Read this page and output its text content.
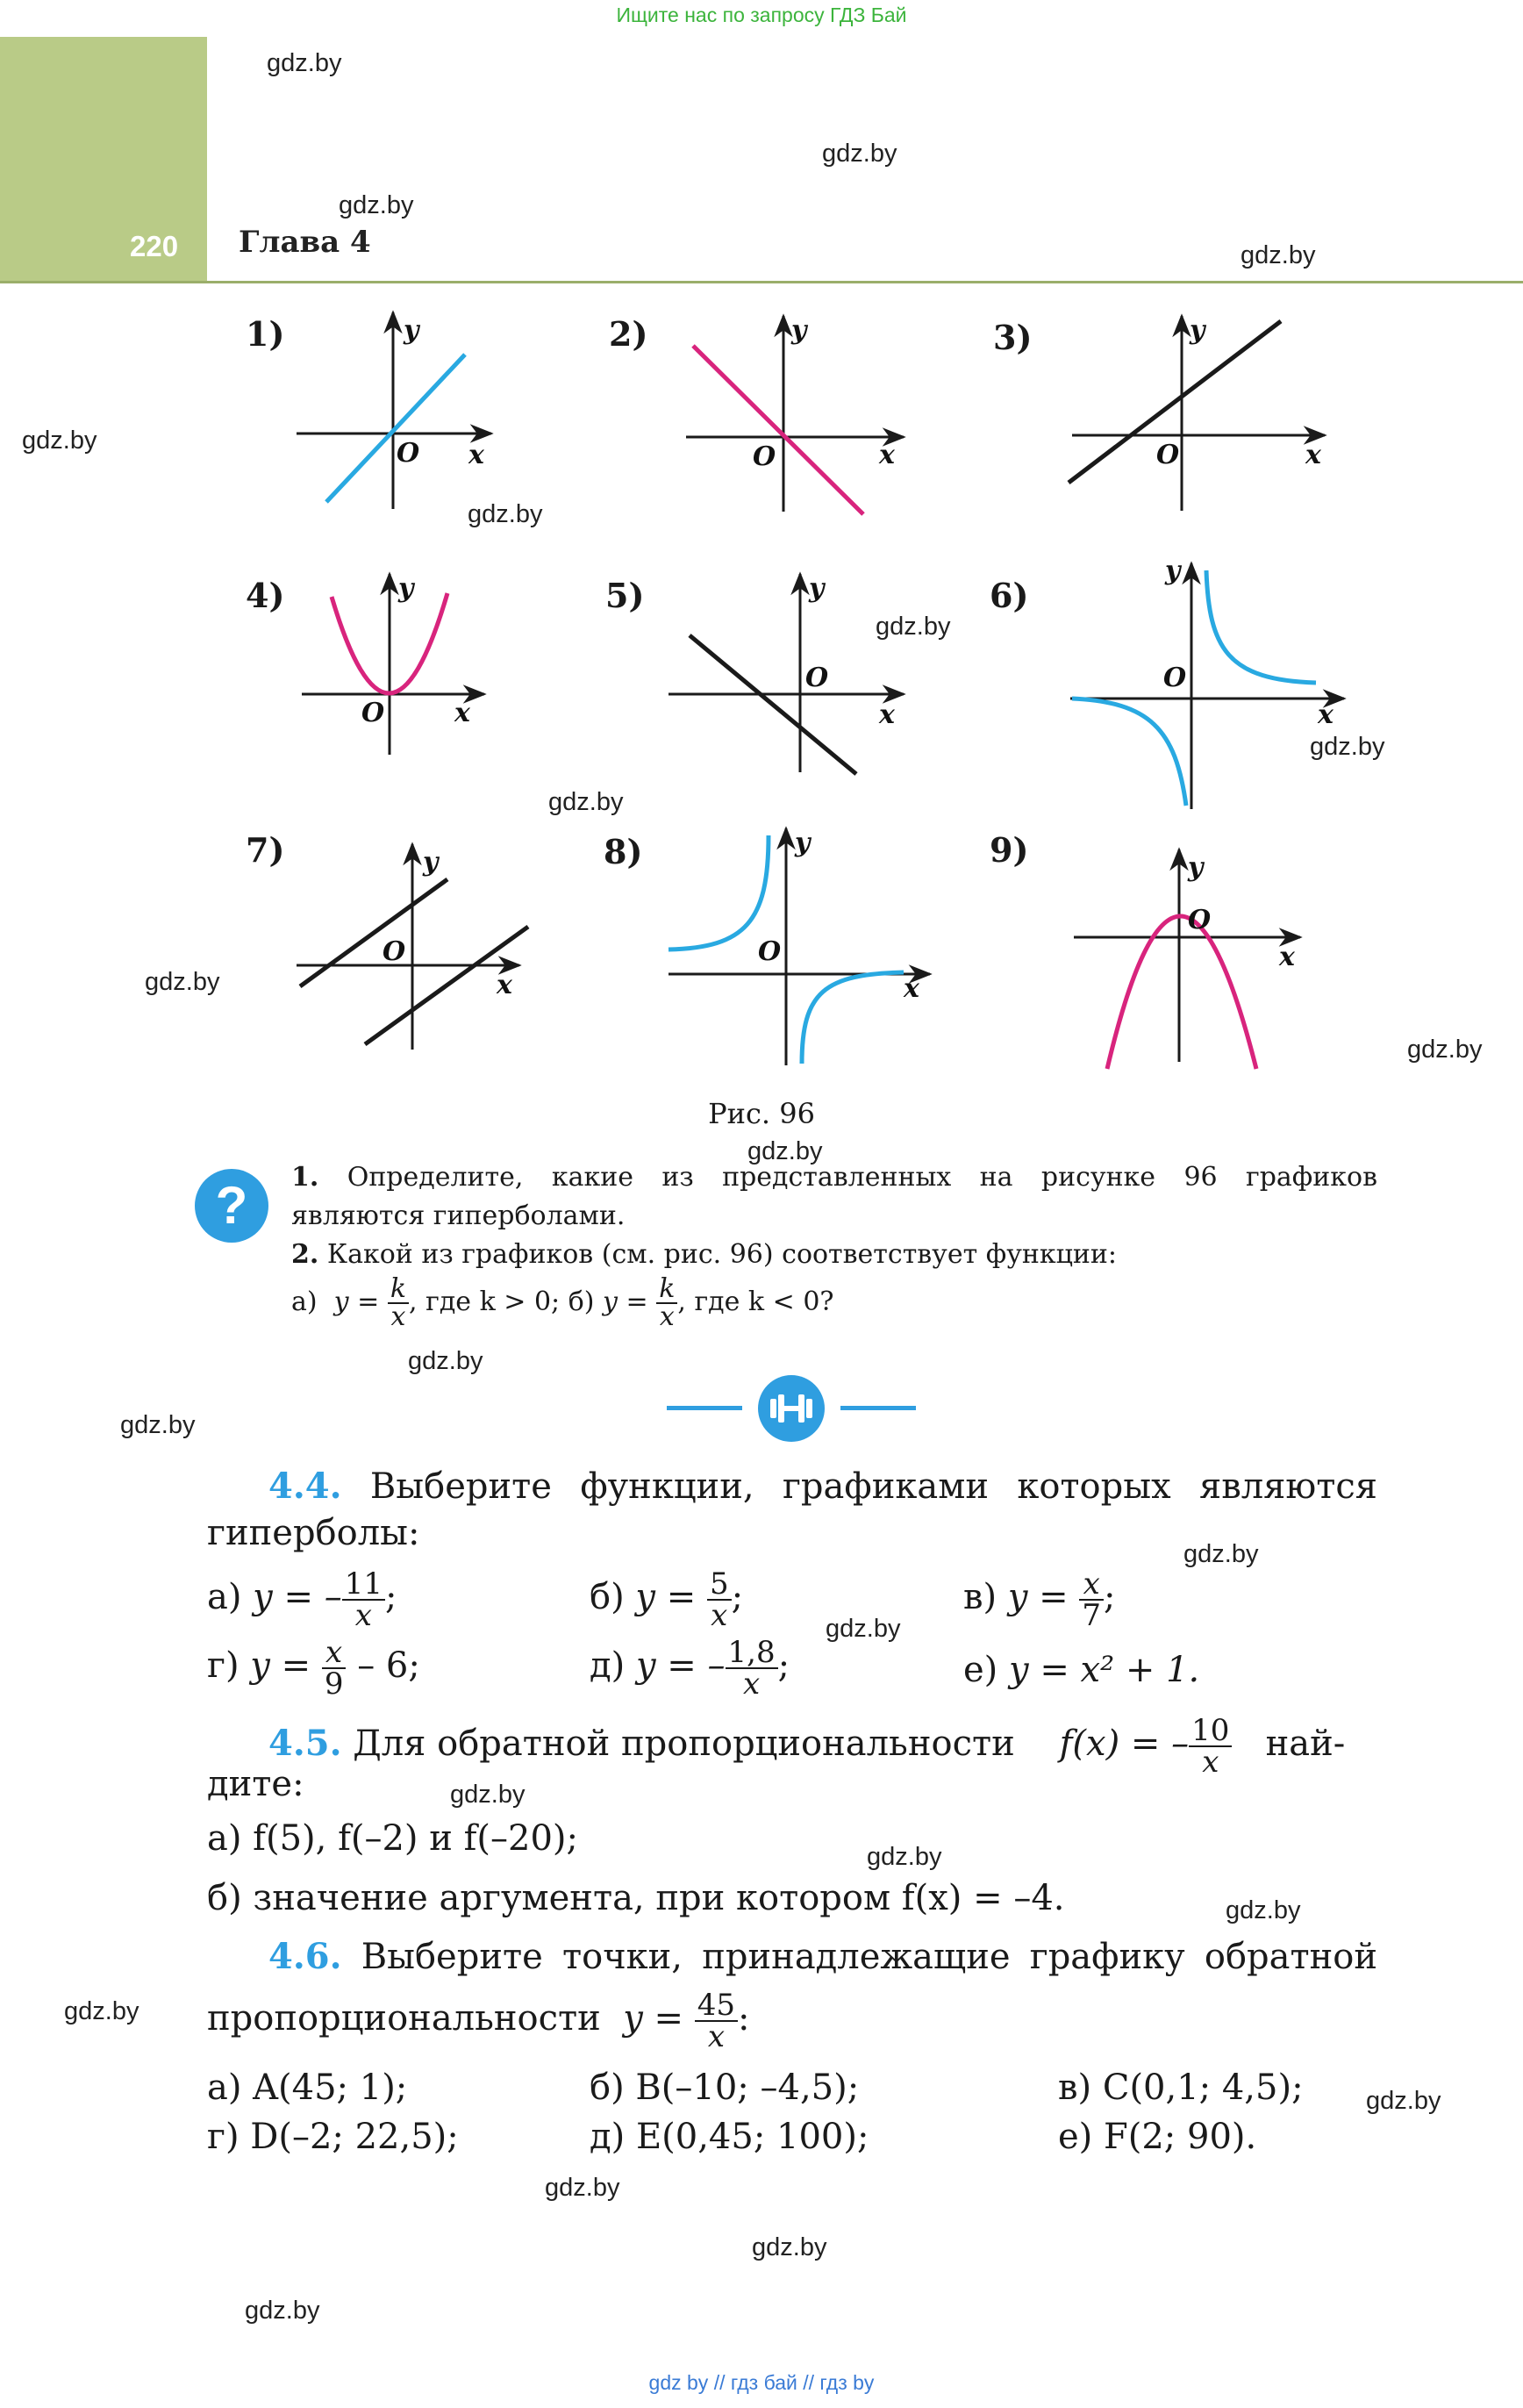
Ищите нас по запросу ГДЗ Бай
220 Глава 4
gdz.by
gdz.by
gdz.by
gdz.by
gdz.by
gdz.by
gdz.by
gdz.by
gdz.by
gdz.by
gdz.by
gdz.by
gdz.by
gdz.by
gdz.by
gdz.by
gdz.by
gdz.by
gdz.by
gdz.by
gdz.by
gdz.by
gdz.by
gdz.by
1)
O x
y
O	x
y
O	x
y
O	x
y
O
x
y
O
x
y
O
x
y
O
x
y
O
x
y
2)	3)
4)	5)	6)
7)	8)	9)
Рис. 96
?	1. Определите, какие из представленных на рисунке 96 графиков
являются гиперболами.
2. Какой из графиков (см. рис. 96) соответствует функции:
а) $y = \frac{k}{x}$ , где k > 0; б) $y = \frac{k}{x}$ , где k < 0?
4.4. Выберите функции, графиками которых являются
гиперболы:
а) y = – $\frac{11}{x}$ ;	б) $y = \frac{5}{x}$ ;	в) $y = \frac{x}{7}$ ;
г) $y = \frac{x}{9} - 6$;	д) y = – $\frac{1,8}{x}$ ;	е) y = x² + 1.
4.5. Для обратной пропорциональности f(x) = – $\frac{10}{x} най-$
дите:
а) f(5), f(–2) и f(–20);
б) значение аргумента, при котором f(x) = –4.
4.6. Выберите точки, принадлежащие графику обратной
пропорциональности $y = \frac{45}{x}$ :
а) A(45; 1);	б) B(–10; –4,5);	в) C(0,1; 4,5);
г) D(–2; 22,5);	д) E(0,45; 100);	е) F(2; 90).
gdz by // гдз бай // гдз by
